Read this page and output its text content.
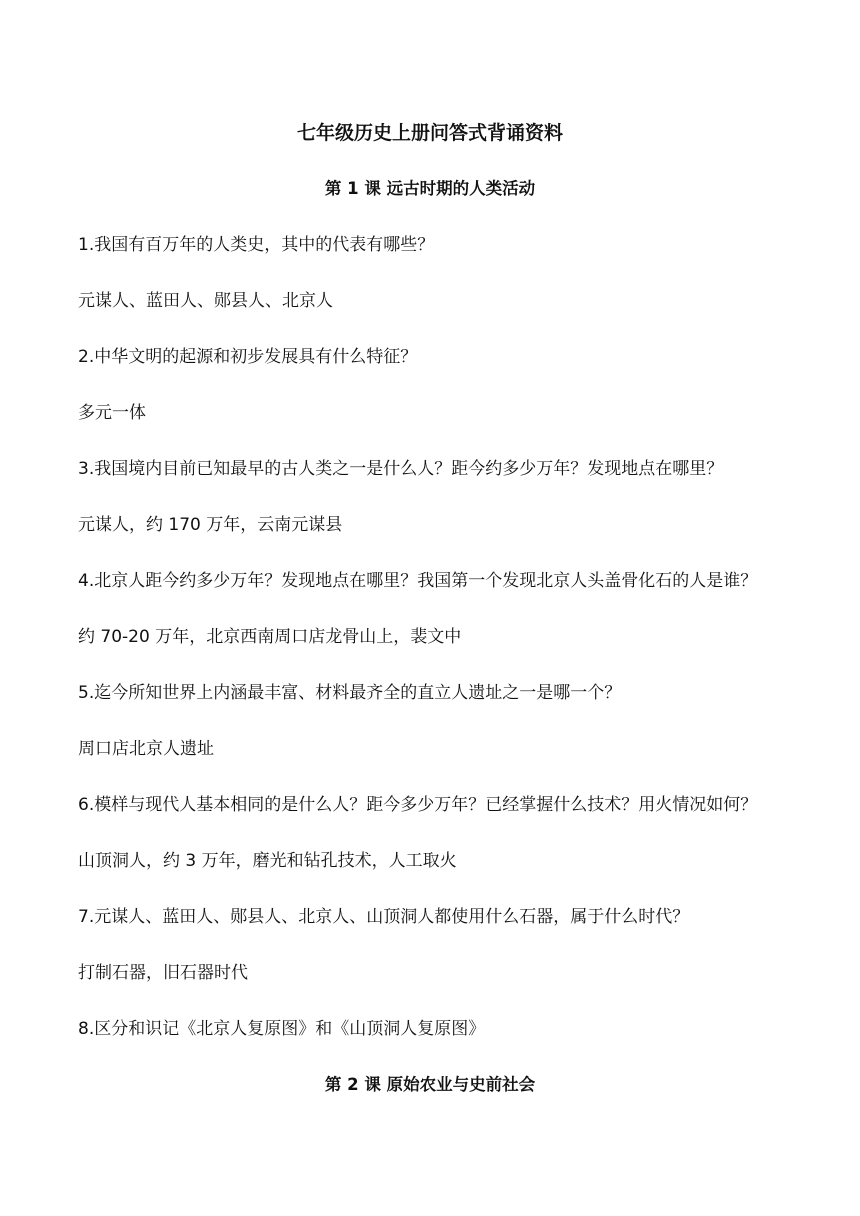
七年级历史上册问答式背诵资料
第 1 课 远古时期的人类活动
1.我国有百万年的人类史，其中的代表有哪些？
元谋人、蓝田人、郧县人、北京人
2.中华文明的起源和初步发展具有什么特征？
多元一体
3.我国境内目前已知最早的古人类之一是什么人？距今约多少万年？发现地点在哪里？
元谋人，约 170 万年，云南元谋县
4.北京人距今约多少万年？发现地点在哪里？我国第一个发现北京人头盖骨化石的人是谁？
约 70-20 万年，北京西南周口店龙骨山上，裴文中
5.迄今所知世界上内涵最丰富、材料最齐全的直立人遗址之一是哪一个？
周口店北京人遗址
6.模样与现代人基本相同的是什么人？距今多少万年？已经掌握什么技术？用火情况如何？
山顶洞人，约 3 万年，磨光和钻孔技术，人工取火
7.元谋人、蓝田人、郧县人、北京人、山顶洞人都使用什么石器，属于什么时代？
打制石器，旧石器时代
8.区分和识记《北京人复原图》和《山顶洞人复原图》
第 2 课 原始农业与史前社会
